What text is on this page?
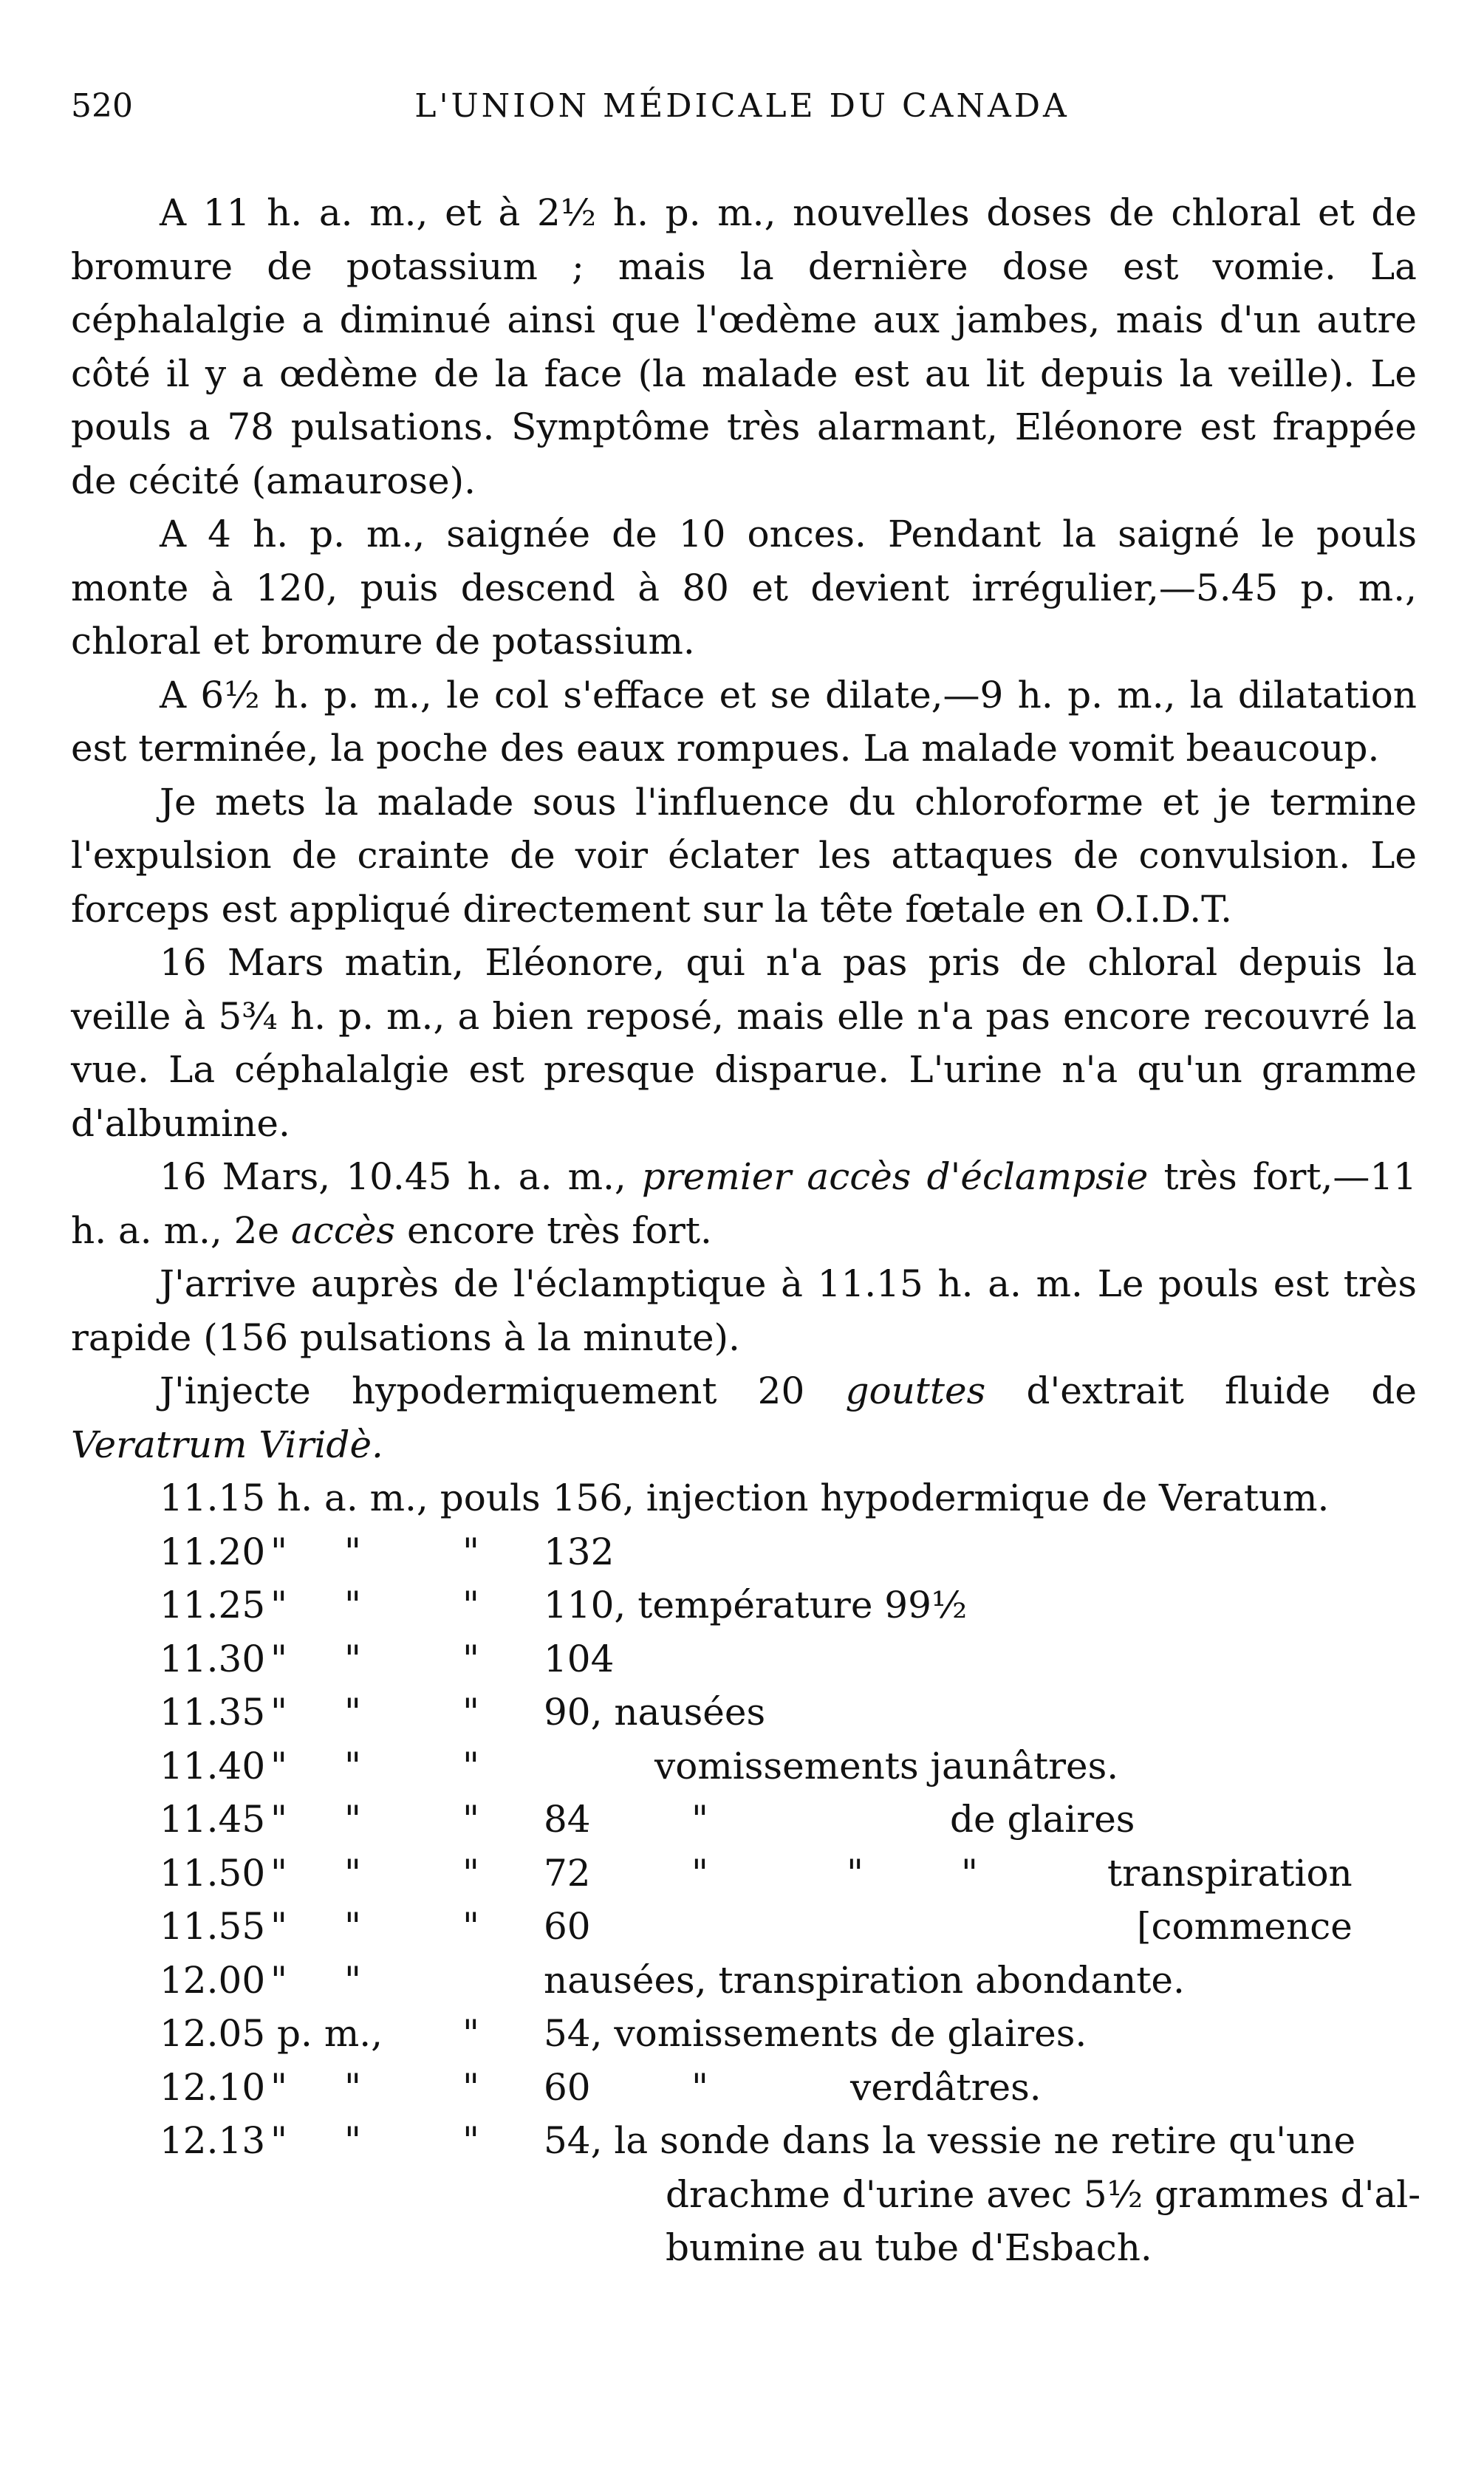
520	L'UNION MÉDICALE DU CANADA

A 11 h. a. m., et à 2½ h. p. m., nouvelles doses de chloral et de bromure de potassium ; mais la dernière dose est vomie. La céphalalgie a diminué ainsi que l'œdème aux jambes, mais d'un autre côté il y a œdème de la face (la malade est au lit depuis la veille). Le pouls a 78 pulsations. Symptôme très alarmant, Eléonore est frappée de cécité (amaurose).

A 4 h. p. m., saignée de 10 onces. Pendant la saigné le pouls monte à 120, puis descend à 80 et devient irrégulier,—5.45 p. m., chloral et bromure de potassium.

A 6½ h. p. m., le col s'efface et se dilate,—9 h. p. m., la dilatation est terminée, la poche des eaux rompues. La malade vomit beaucoup.

Je mets la malade sous l'influence du chloroforme et je termine l'expulsion de crainte de voir éclater les attaques de convulsion. Le forceps est appliqué directement sur la tête fœtale en O.I.D.T.

16 Mars matin, Eléonore, qui n'a pas pris de chloral depuis la veille à 5¾ h. p. m., a bien reposé, mais elle n'a pas encore recouvré la vue. La céphalalgie est presque disparue. L'urine n'a qu'un gramme d'albumine.

16 Mars, 10.45 h. a. m., premier accès d'éclampsie très fort,—11 h. a. m., 2e accès encore très fort.

J'arrive auprès de l'éclamptique à 11.15 h. a. m. Le pouls est très rapide (156 pulsations à la minute).

J'injecte hypodermiquement 20 gouttes d'extrait fluide de Veratrum Viridè.

11.15 h. a. m., pouls 156, injection hypodermique de Veratum.
11.20 " "	" 132
11.25 " "	" 110, température 99½
11.30 " "	" 104
11.35 " "	" 90, nausées
11.40 " "	"	vomissements jaunâtres.
11.45 " "	" 84	"	de glaires
11.50 " "	" 72	"	"	"	transpiration
11.55 " "	" 60	[commence
12.00 " "	nausées, transpiration abondante.
12.05 p. m., " 54, vomissements de glaires.
12.10 " "	" 60	"	verdâtres.
12.13 " "	" 54, la sonde dans la vessie ne retire qu'une
drachme d'urine avec 5½ grammes d'al-
bumine au tube d'Esbach.
